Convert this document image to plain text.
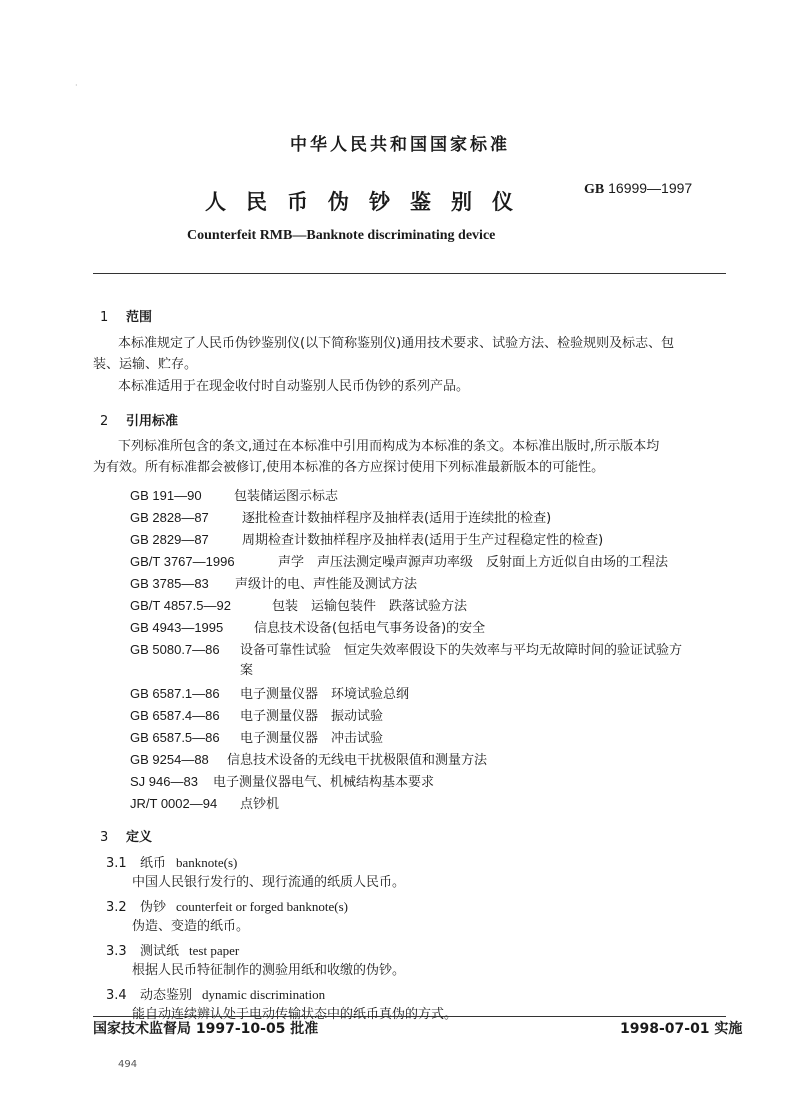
·
中华人民共和国国家标准
人民币伪钞鉴别仪
GB 16999—1997
Counterfeit RMB—Banknote discriminating device
1 范围
本标准规定了人民币伪钞鉴别仪(以下简称鉴别仪)通用技术要求、试验方法、检验规则及标志、包
装、运输、贮存。
本标准适用于在现金收付时自动鉴别人民币伪钞的系列产品。
2 引用标准
下列标准所包含的条文,通过在本标准中引用而构成为本标准的条文。本标准出版时,所示版本均
为有效。所有标准都会被修订,使用本标准的各方应探讨使用下列标准最新版本的可能性。
GB 191—90 包装储运图示标志
GB 2828—87	逐批检查计数抽样程序及抽样表(适用于连续批的检查)
GB 2829—87	周期检查计数抽样程序及抽样表(适用于生产过程稳定性的检查)
GB/T 3767—1996	声学　声压法测定噪声源声功率级　反射面上方近似自由场的工程法
GB 3785—83 声级计的电、声性能及测试方法
GB/T 4857.5—92	包装　运输包装件　跌落试验方法
GB 4943—1995 信息技术设备(包括电气事务设备)的安全
GB 5080.7—86 设备可靠性试验　恒定失效率假设下的失效率与平均无故障时间的验证试验方
案
GB 6587.1—86 电子测量仪器　环境试验总纲
GB 6587.4—86 电子测量仪器　振动试验
GB 6587.5—86 电子测量仪器　冲击试验
GB 9254—88 信息技术设备的无线电干扰极限值和测量方法
SJ 946—83 电子测量仪器电气、机械结构基本要求
JR/T 0002—94 点钞机
3 定义
3.1 纸币 banknote(s)
中国人民银行发行的、现行流通的纸质人民币。
3.2 伪钞 counterfeit or forged banknote(s)
伪造、变造的纸币。
3.3 测试纸 test paper
根据人民币特征制作的测验用纸和收缴的伪钞。
3.4 动态鉴别 dynamic discrimination
能自动连续辨认处于电动传输状态中的纸币真伪的方式。
国家技术监督局 1997-10-05 批准	1998-07-01 实施
494
